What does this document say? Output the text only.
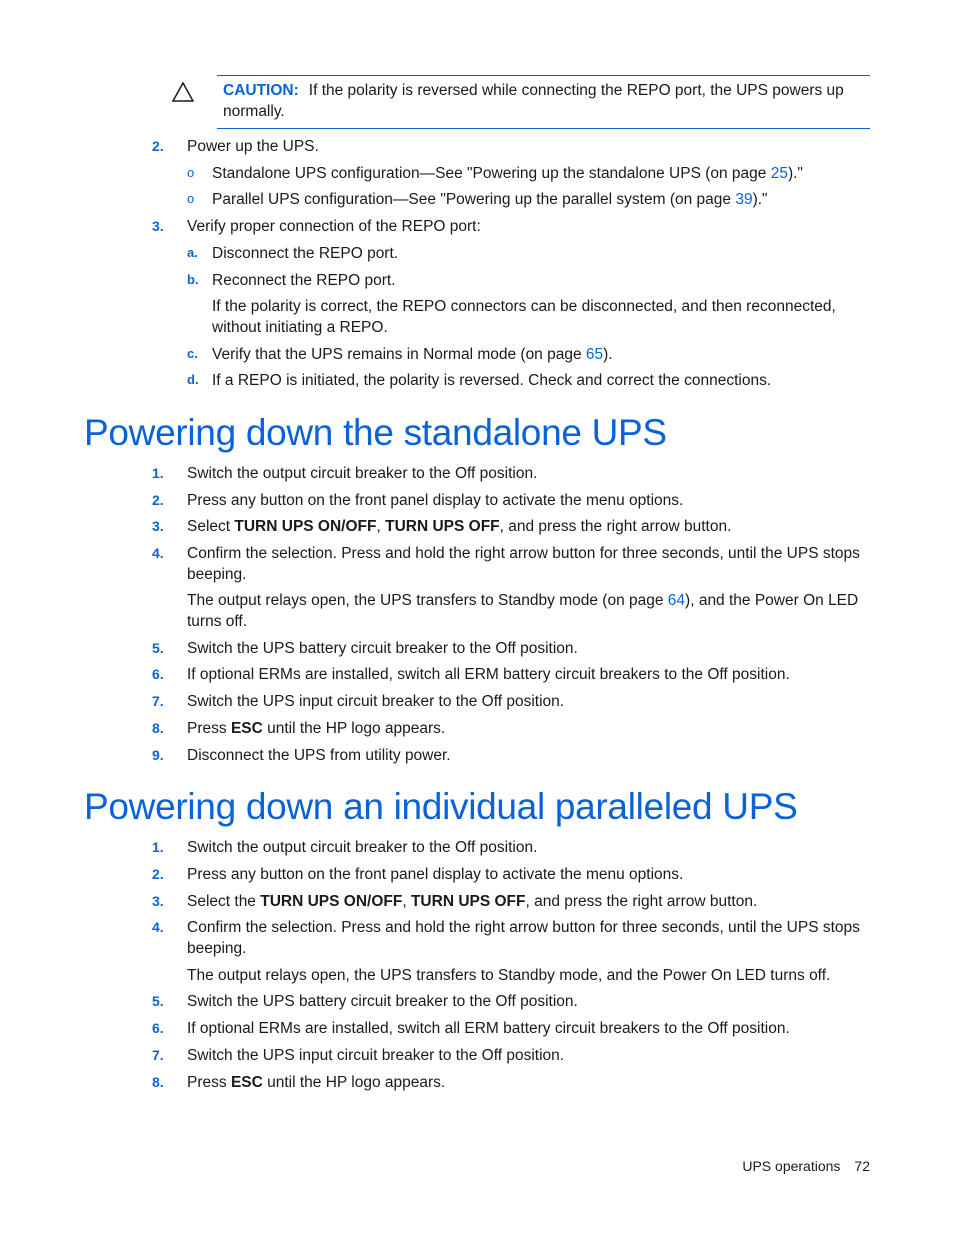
CAUTION: If the polarity is reversed while connecting the REPO port, the UPS powers up normally.
2. Power up the UPS.
o Standalone UPS configuration—See "Powering up the standalone UPS (on page 25)."
o Parallel UPS configuration—See "Powering up the parallel system (on page 39)."
3. Verify proper connection of the REPO port:
a. Disconnect the REPO port.
b. Reconnect the REPO port.
If the polarity is correct, the REPO connectors can be disconnected, and then reconnected, without initiating a REPO.
c. Verify that the UPS remains in Normal mode (on page 65).
d. If a REPO is initiated, the polarity is reversed. Check and correct the connections.
Powering down the standalone UPS
1. Switch the output circuit breaker to the Off position.
2. Press any button on the front panel display to activate the menu options.
3. Select TURN UPS ON/OFF, TURN UPS OFF, and press the right arrow button.
4. Confirm the selection. Press and hold the right arrow button for three seconds, until the UPS stops beeping.
The output relays open, the UPS transfers to Standby mode (on page 64), and the Power On LED turns off.
5. Switch the UPS battery circuit breaker to the Off position.
6. If optional ERMs are installed, switch all ERM battery circuit breakers to the Off position.
7. Switch the UPS input circuit breaker to the Off position.
8. Press ESC until the HP logo appears.
9. Disconnect the UPS from utility power.
Powering down an individual paralleled UPS
1. Switch the output circuit breaker to the Off position.
2. Press any button on the front panel display to activate the menu options.
3. Select the TURN UPS ON/OFF, TURN UPS OFF, and press the right arrow button.
4. Confirm the selection. Press and hold the right arrow button for three seconds, until the UPS stops beeping.
The output relays open, the UPS transfers to Standby mode, and the Power On LED turns off.
5. Switch the UPS battery circuit breaker to the Off position.
6. If optional ERMs are installed, switch all ERM battery circuit breakers to the Off position.
7. Switch the UPS input circuit breaker to the Off position.
8. Press ESC until the HP logo appears.
UPS operations 72
